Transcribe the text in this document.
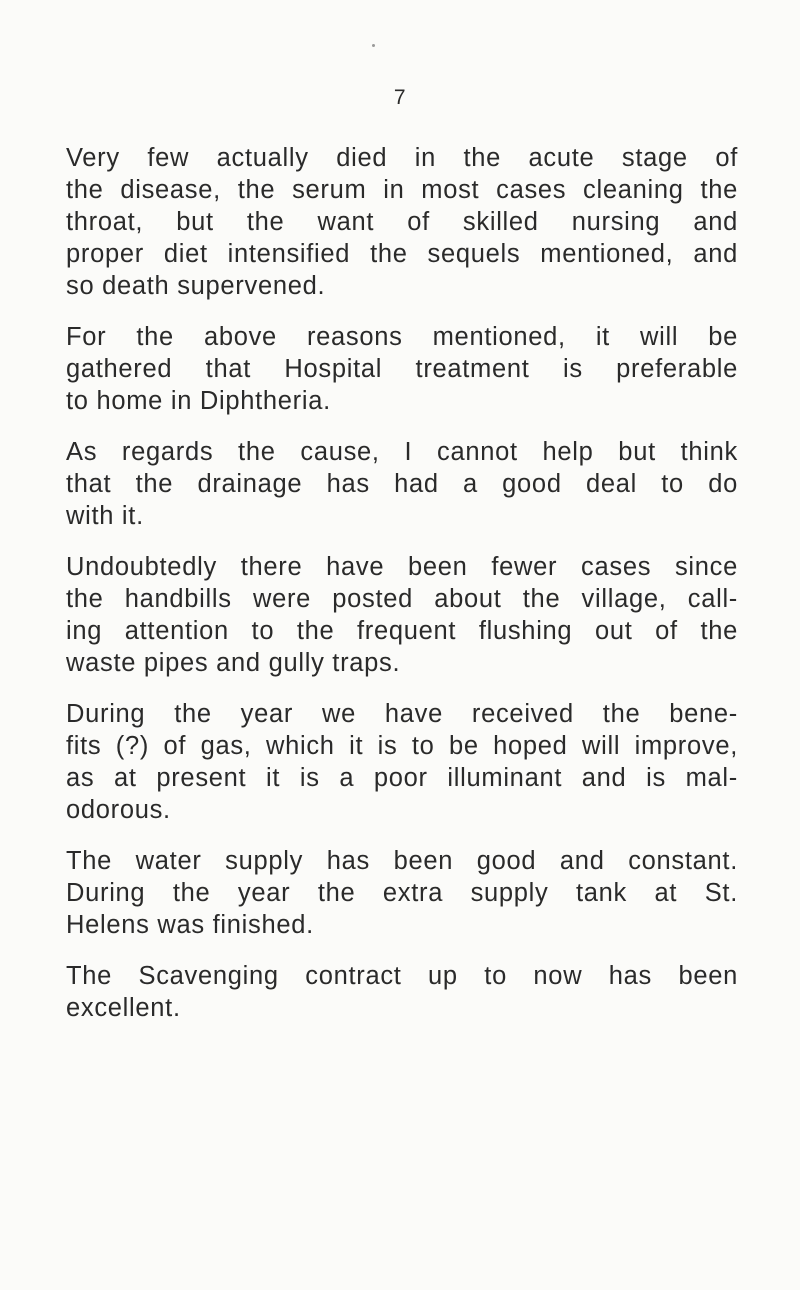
7

Very few actually died in the acute stage of
the disease, the serum in most cases cleaning the
throat, but the want of skilled nursing and
proper diet intensified the sequels mentioned, and
so death supervened.

For the above reasons mentioned, it will be
gathered that Hospital treatment is preferable
to home in Diphtheria.

As regards the cause, I cannot help but think
that the drainage has had a good deal to do
with it.

Undoubtedly there have been fewer cases since
the handbills were posted about the village, call-
ing attention to the frequent flushing out of the
waste pipes and gully traps.

During the year we have received the bene-
fits (?) of gas, which it is to be hoped will improve,
as at present it is a poor illuminant and is mal-
odorous.

The water supply has been good and constant.
During the year the extra supply tank at St.
Helens was finished.

The Scavenging contract up to now has been
excellent.
